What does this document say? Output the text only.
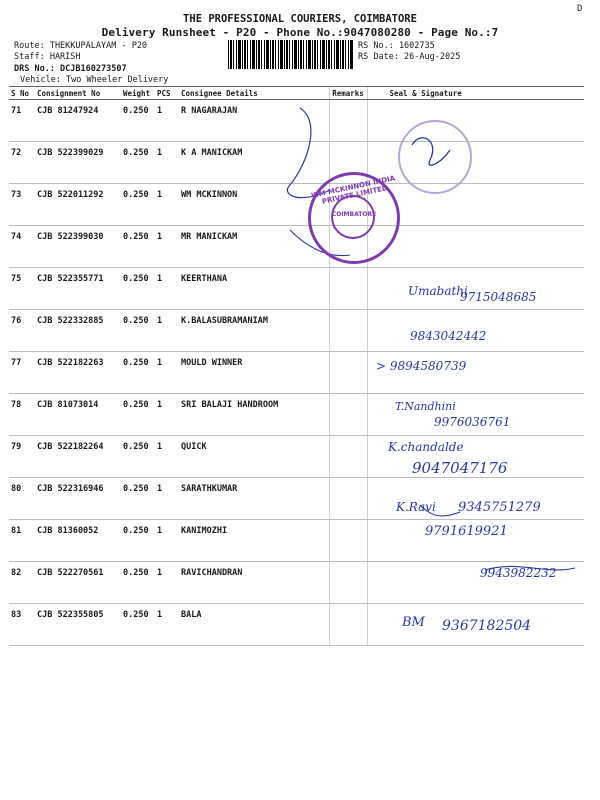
D
THE PROFESSIONAL COURIERS, COIMBATORE
Delivery Runsheet - P20 - Phone No.:9047080280 - Page No.:7
Route: THEKKUPALAYAM - P20
Staff: HARISH
DRS No.: DCJB160273507
Vehicle: Two Wheeler Delivery
RS No.: 1602735
RS Date: 26-Aug-2025
S No	Consignment No	Weight	PCS	Consignee Details	Remarks	Seal & Signature

71	CJB 81247924	0.250	1	R NAGARAJAN		

72	CJB 522399029	0.250	1	K A MANICKAM		

73	CJB 522011292	0.250	1	WM MCKINNON		

74	CJB 522399030	0.250	1	MR MANICKAM		

75	CJB 522355771	0.250	1	KEERTHANA		

76	CJB 522332885	0.250	1	K.BALASUBRAMANIAM		

77	CJB 522182263	0.250	1	MOULD WINNER		

78	CJB 81073014	0.250	1	SRI BALAJI HANDROOM		

79	CJB 522182264	0.250	1	QUICK		

80	CJB 522316946	0.250	1	SARATHKUMAR		

81	CJB 81360052	0.250	1	KANIMOZHI		

82	CJB 522270561	0.250	1	RAVICHANDRAN		

83	CJB 522355805	0.250	1	BALA		

WM MCKINNON INDIA PRIVATE LIMITED
COIMBATORE
Umabathi
9715048685
9843042442
> 9894580739
T.Nandhini
9976036761
K.chandalde
9047047176
K.Ravi 9345751279
9791619921
9943982232
BM 9367182504
